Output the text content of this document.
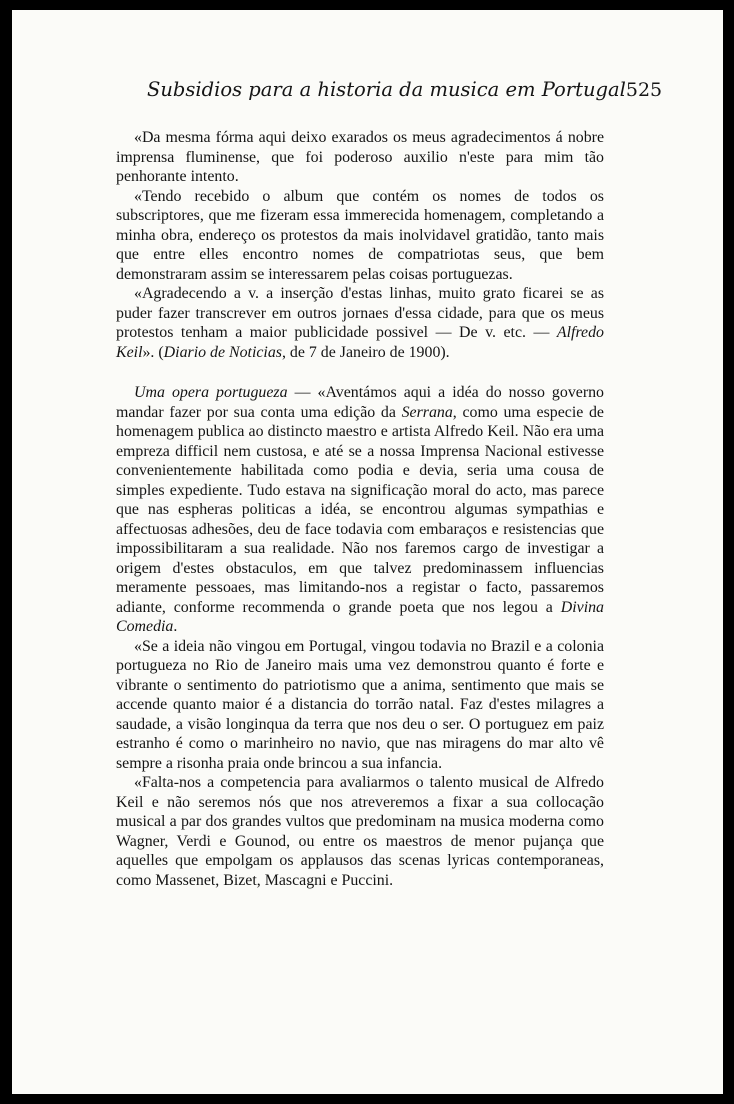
Subsidios para a historia da musica em Portugal 525

«Da mesma fórma aqui deixo exarados os meus agradecimentos á nobre imprensa fluminense, que foi poderoso auxilio n'este para mim tão penhorante intento.

«Tendo recebido o album que contém os nomes de todos os subscriptores, que me fizeram essa immerecida homenagem, completando a minha obra, endereço os protestos da mais inolvidavel gratidão, tanto mais que entre elles encontro nomes de compatriotas seus, que bem demonstraram assim se interessarem pelas coisas portuguezas.

«Agradecendo a v. a inserção d'estas linhas, muito grato ficarei se as puder fazer transcrever em outros jornaes d'essa cidade, para que os meus protestos tenham a maior publicidade possivel — De v. etc. — Alfredo Keil». (Diario de Noticias, de 7 de Janeiro de 1900).

Uma opera portugueza — «Aventámos aqui a idéa do nosso governo mandar fazer por sua conta uma edição da Serrana, como uma especie de homenagem publica ao distincto maestro e artista Alfredo Keil. Não era uma empreza difficil nem custosa, e até se a nossa Imprensa Nacional estivesse convenientemente habilitada como podia e devia, seria uma cousa de simples expediente. Tudo estava na significação moral do acto, mas parece que nas espheras politicas a idéa, se encontrou algumas sympathias e affectuosas adhesões, deu de face todavia com embaraços e resistencias que impossibilitaram a sua realidade. Não nos faremos cargo de investigar a origem d'estes obstaculos, em que talvez predominassem influencias meramente pessoaes, mas limitando-nos a registar o facto, passaremos adiante, conforme recommenda o grande poeta que nos legou a Divina Comedia.

«Se a ideia não vingou em Portugal, vingou todavia no Brazil e a colonia portugueza no Rio de Janeiro mais uma vez demonstrou quanto é forte e vibrante o sentimento do patriotismo que a anima, sentimento que mais se accende quanto maior é a distancia do torrão natal. Faz d'estes milagres a saudade, a visão longinqua da terra que nos deu o ser. O portuguez em paiz estranho é como o marinheiro no navio, que nas miragens do mar alto vê sempre a risonha praia onde brincou a sua infancia.

«Falta-nos a competencia para avaliarmos o talento musical de Alfredo Keil e não seremos nós que nos atreveremos a fixar a sua collocação musical a par dos grandes vultos que predominam na musica moderna como Wagner, Verdi e Gounod, ou entre os maestros de menor pujança que aquelles que empolgam os applausos das scenas lyricas contemporaneas, como Massenet, Bizet, Mascagni e Puccini.
